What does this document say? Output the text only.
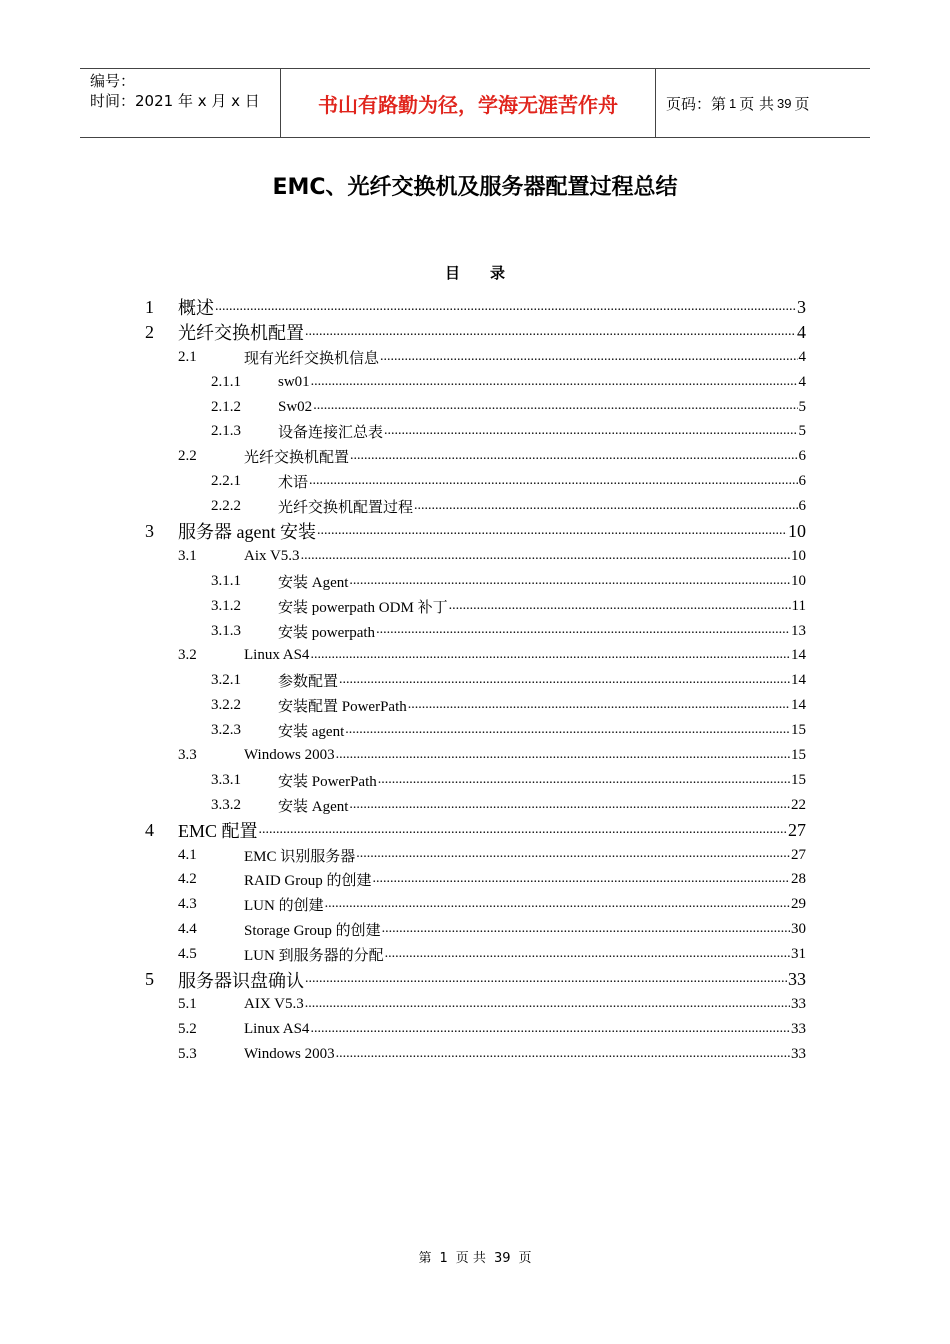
编号：
时间：2021 年 x 月 x 日	书山有路勤为径，学海无涯苦作舟	页码：第 1 页 共 39 页
EMC、光纤交换机及服务器配置过程总结
目录
1	概述 .....	3
2	光纤交换机配置 .....	4
2.1	现有光纤交换机信息 .....	4
2.1.1	sw01 .....	4
2.1.2	Sw02 .....	5
2.1.3	设备连接汇总表 .....	5
2.2	光纤交换机配置 .....	6
2.2.1	术语 .....	6
2.2.2	光纤交换机配置过程 .....	6
3	服务器 agent 安装 .....	10
3.1	Aix V5.3 .....	10
3.1.1	安装 Agent .....	10
3.1.2	安装 powerpath ODM 补丁 .....	11
3.1.3	安装 powerpath .....	13
3.2	Linux AS4 .....	14
3.2.1	参数配置 .....	14
3.2.2	安装配置 PowerPath .....	14
3.2.3	安装 agent .....	15
3.3	Windows 2003 .....	15
3.3.1	安装 PowerPath .....	15
3.3.2	安装 Agent .....	22
4	EMC 配置 .....	27
4.1	EMC 识别服务器 .....	27
4.2	RAID Group 的创建 .....	28
4.3	LUN 的创建 .....	29
4.4	Storage Group 的创建 .....	30
4.5	LUN 到服务器的分配 .....	31
5	服务器识盘确认 .....	33
5.1	AIX V5.3 .....	33
5.2	Linux AS4 .....	33
5.3	Windows 2003 .....	33
第 1 页 共 39 页
